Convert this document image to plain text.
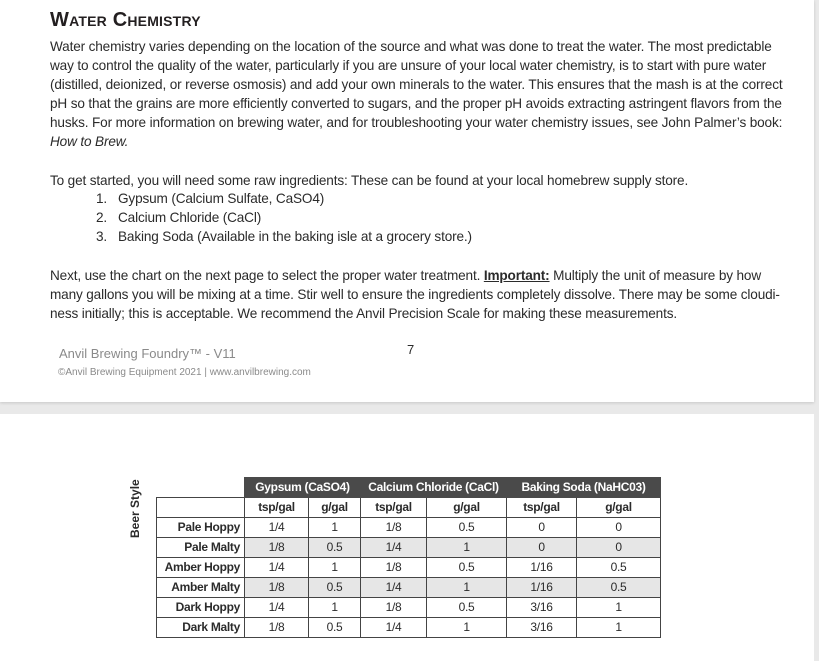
Water Chemistry

Water chemistry varies depending on the location of the source and what was done to treat the water. The most predictable way to control the quality of the water, particularly if you are unsure of your local water chemistry, is to start with pure water (distilled, deionized, or reverse osmosis) and add your own minerals to the water. This ensures that the mash is at the correct pH so that the grains are more efficiently converted to sugars, and the proper pH avoids extracting astringent flavors from the husks. For more information on brewing water, and for troubleshooting your water chemistry issues, see John Palmer’s book: How to Brew.

To get started, you will need some raw ingredients: These can be found at your local homebrew supply store.

1. Gypsum (Calcium Sulfate, CaSO4)
2. Calcium Chloride (CaCl)
3. Baking Soda (Available in the baking isle at a grocery store.)

Next, use the chart on the next page to select the proper water treatment. Important: Multiply the unit of measure by how many gallons you will be mixing at a time. Stir well to ensure the ingredients completely dissolve. There may be some cloudi-ness initially; this is acceptable. We recommend the Anvil Precision Scale for making these measurements.

Anvil Brewing Foundry™ - V11
©Anvil Brewing Equipment 2021 | www.anvilbrewing.com
7
Beer Style
		Gypsum (CaSO4)		Calcium Chloride (CaCl)		Baking Soda (NaHC03)	
	tsp/gal	g/gal	tsp/gal	g/gal	tsp/gal	g/gal
Pale Hoppy	1/4	1	1/8	0.5	0	0
Pale Malty	1/8	0.5	1/4	1	0	0
Amber Hoppy	1/4	1	1/8	0.5	1/16	0.5
Amber Malty	1/8	0.5	1/4	1	1/16	0.5
Dark Hoppy	1/4	1	1/8	0.5	3/16	1
Dark Malty	1/8	0.5	1/4	1	3/16	1
